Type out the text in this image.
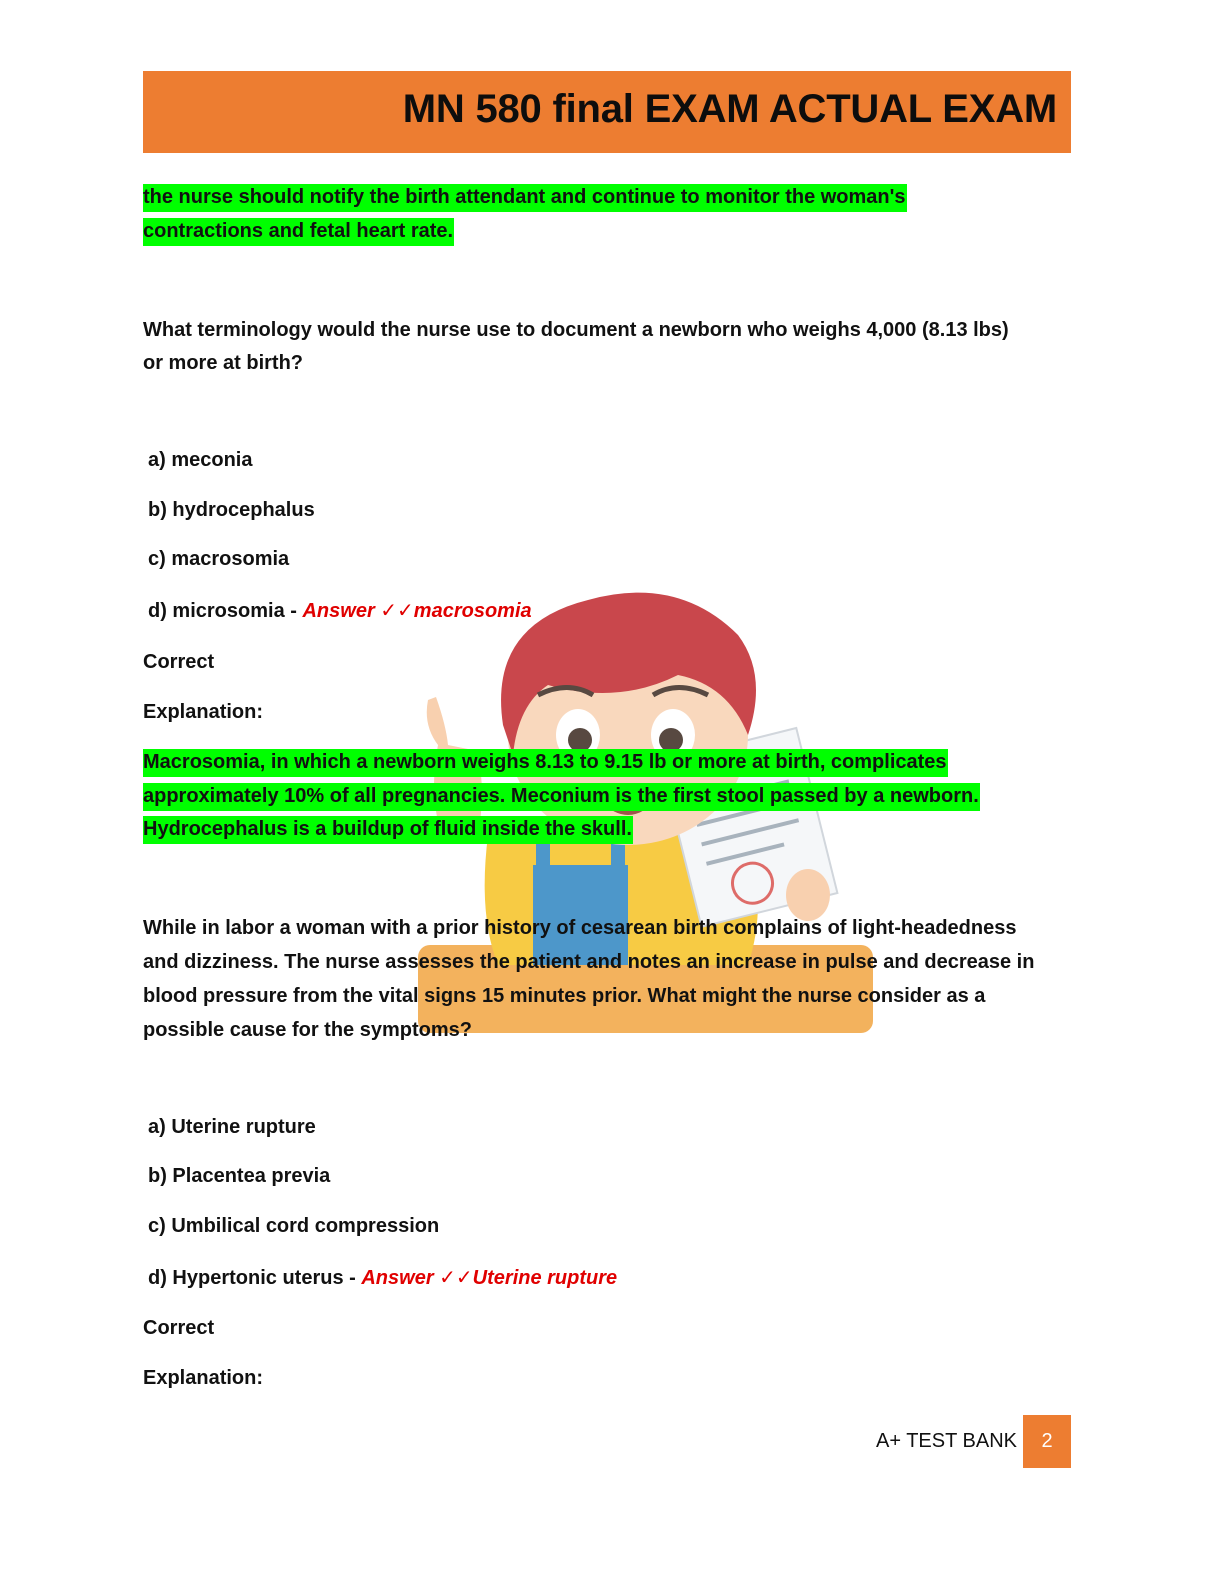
MN 580 final EXAM ACTUAL EXAM
the nurse should notify the birth attendant and continue to monitor the woman's
contractions and fetal heart rate.
What terminology would the nurse use to document a newborn who weighs 4,000 (8.13 lbs)
or more at birth?
a) meconia
b) hydrocephalus
c) macrosomia
d) microsomia - Answer ✓✓macrosomia
Correct
Explanation:
Macrosomia, in which a newborn weighs 8.13 to 9.15 lb or more at birth, complicates
approximately 10% of all pregnancies. Meconium is the first stool passed by a newborn.
Hydrocephalus is a buildup of fluid inside the skull.
While in labor a woman with a prior history of cesarean birth complains of light-headedness
and dizziness. The nurse assesses the patient and notes an increase in pulse and decrease in
blood pressure from the vital signs 15 minutes prior. What might the nurse consider as a
possible cause for the symptoms?
a) Uterine rupture
b) Placentea previa
c) Umbilical cord compression
d) Hypertonic uterus - Answer ✓✓Uterine rupture
Correct
Explanation:
A+ TEST BANK	2
